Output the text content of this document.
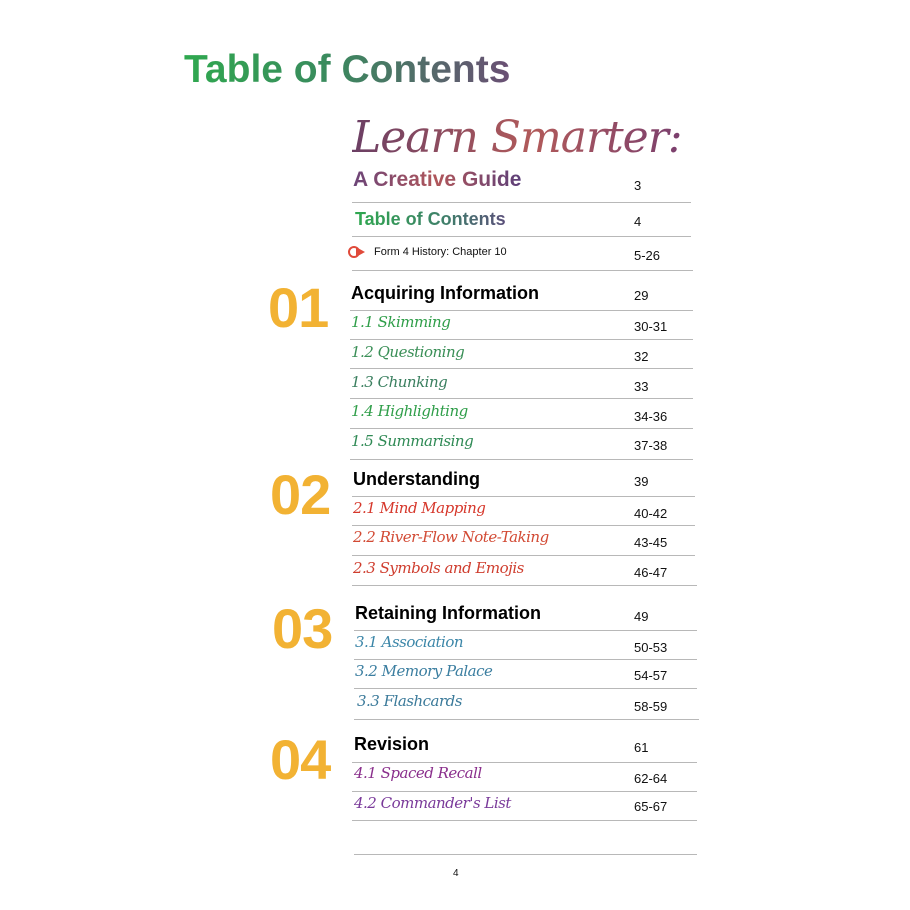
Table of Contents
Learn Smarter:
A Creative Guide	3
Table of Contents	4
Form 4 History: Chapter 10	5-26
01 Acquiring Information	29
1.1 Skimming	30-31
1.2 Questioning	32
1.3 Chunking	33
1.4 Highlighting	34-36
1.5 Summarising	37-38
02 Understanding	39
2.1 Mind Mapping	40-42
2.2 River-Flow Note-Taking	43-45
2.3 Symbols and Emojis	46-47
03 Retaining Information	49
3.1 Association	50-53
3.2 Memory Palace	54-57
3.3 Flashcards	58-59
04 Revision	61
4.1 Spaced Recall	62-64
4.2 Commander's List	65-67
4
